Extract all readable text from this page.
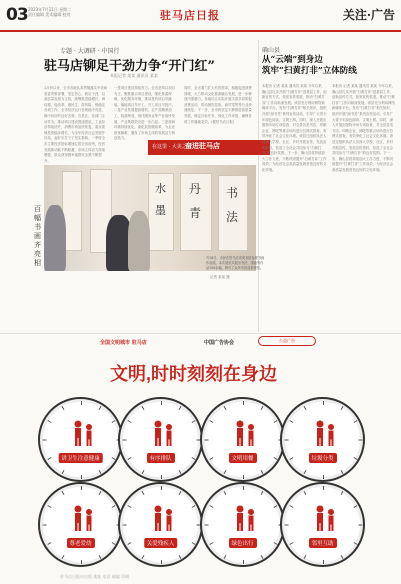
03 2023年7月11日 星期二
责任编辑 美术编辑 校对	驻马店日报	关注·广告
专题 · 大调研 · 中国行
驻马店铆足干劲力争“开门红”
本报记者 某某 通讯员 某某
1月份以来，全市各地认真贯彻落实中央和省委决策部署，坚定信心、鼓足干劲，以高质量发展为主线，统筹推进稳增长、调结构、促改革、惠民生、防风险、保稳定各项工作，全市经济运行呈现稳中有进、稳中向好的良好态势。各县区、各部门主动作为，推动项目建设提速提质，工业经济持续回升，消费市场加快恢复，重点领域投资稳步增长，为全年经济社会发展开好局、起好步打下了坚实基础。一季度全市主要经济指标增速位居全省前列，经济发展新动能不断积蓄，市场主体活力持续增强，群众获得感幸福感安全感不断提升。
一是项目建设持续发力。全市坚持以项目为王，聚焦重点项目建设，强化要素保障，优化服务环境，推动签约项目早落地、落地项目早开工、开工项目早投产。二是产业发展提质增效，农产品精深加工、装备制造、现代服务业等产业加快发展，产业集群效应进一步凸显。三是营商环境持续优化，深化放管服改革，为企业排忧解难，激发了市场主体的发展活力和创造力。
同时，全市着力扩大有效需求，积极促进消费回暖，大力推动文化旅游融合发展，进一步释放内需潜力。各地结合实际开展丰富多彩的促消费活动，带动餐饮住宿、商贸零售等行业快速恢复。下一步，全市将坚定不移推进高质量发展，锚定目标任务，细化工作举措，确保各项工作落地见效。(据驻马店日报)
在这里 · 大美之城
奋进驻马店
百幅书画齐亮相
水
墨
丹
青
书
法
7月8日，市民在驻马店市美术馆参观书画作品展。本次展览共展出书法、国画等作品100余幅，吸引了众多市民前来观赏。
记者 某某 摄
确山县
从“云端”到身边
筑牢“扫黄打非”立体防线
本报讯 记者 某某 通讯员 某某 今年以来，确山县扎实开展“扫黄打非”进基层工作，创新宣传方式，拓宽宣传渠道，推动“扫黄打非”工作向纵深发展。该县充分利用网络新媒体平台，发布“扫黄打非”相关知识，组织开展“绿书签”系列宣传活动，引导广大青少年绿色阅读、文明上网。同时，深入开展出版物市场专项检查，对全县各类书店、印刷企业、网吧等重点场所进行拉网式排查，有效净化了社会文化环境。该县还组织执法人员深入学校、社区、乡村开展宣传，发放宣传资料，营造了全社会共同参与“扫黄打非”的良好氛围。下一步，确山县将持续加大工作力度，不断巩固提升“扫黄打非”工作成效，为经济社会高质量发展营造良好的文化环境。
本报讯 记者 某某 通讯员 某某 今年以来，确山县扎实开展“扫黄打非”进基层工作，创新宣传方式，拓宽宣传渠道，推动“扫黄打非”工作向纵深发展。该县充分利用网络新媒体平台，发布“扫黄打非”相关知识，组织开展“绿书签”系列宣传活动，引导广大青少年绿色阅读、文明上网。同时，深入开展出版物市场专项检查，对全县各类书店、印刷企业、网吧等重点场所进行拉网式排查，有效净化了社会文化环境。该县还组织执法人员深入学校、社区、乡村开展宣传，发放宣传资料，营造了全社会共同参与“扫黄打非”的良好氛围。下一步，确山县将持续加大工作力度，不断巩固提升“扫黄打非”工作成效，为经济社会高质量发展营造良好的文化环境。
全国文明城市 驻马店	中国广告协会	公益广告
文明,时时刻刻在身边
讲卫生注意健康	有序排队	文明用餐	垃圾分类
尊老爱幼	关爱残疾人	绿色出行	邻里互助
驻马店日报社出版 地址 电话 邮编 印刷
